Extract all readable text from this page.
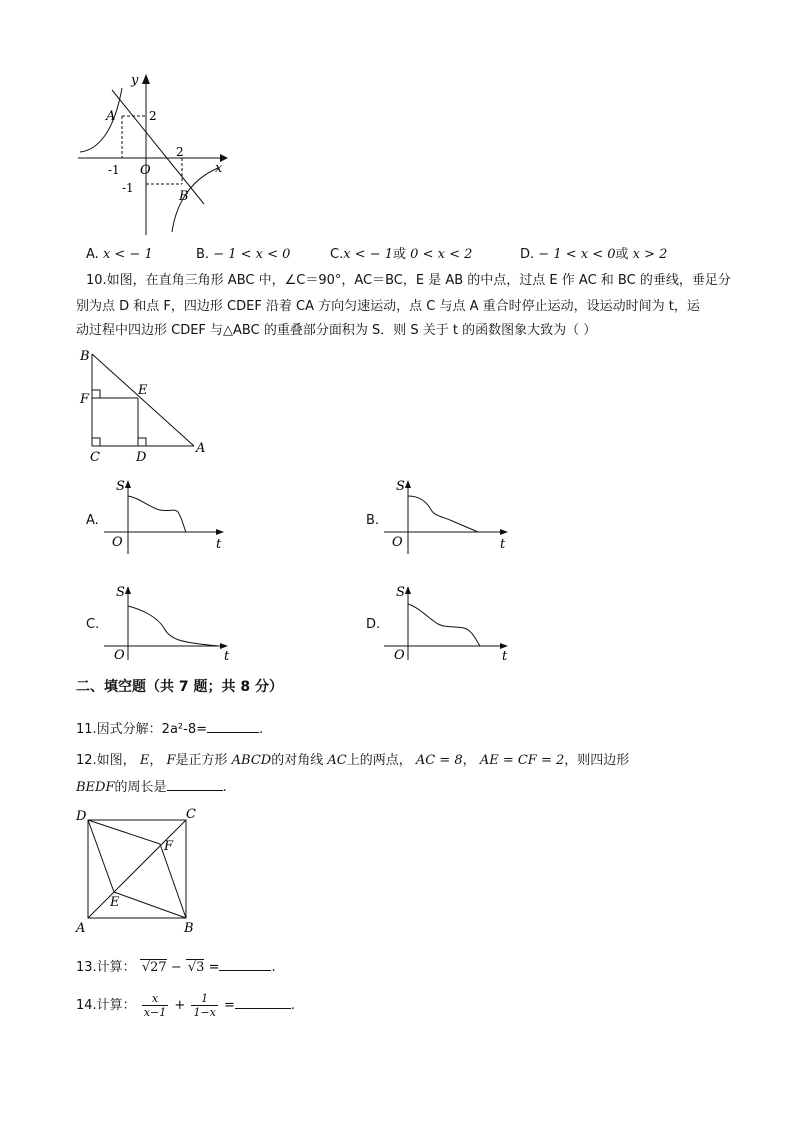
y
x
A
B
O
2
2
-1
-1
A. x < − 1	B. − 1 < x < 0	C.x < − 1或 0 < x < 2	D. − 1 < x < 0或 x > 2
10.如图，在直角三角形 ABC 中，∠C＝90°，AC＝BC，E 是 AB 的中点，过点 E 作 AC 和 BC 的垂线，垂足分
别为点 D 和点 F，四边形 CDEF 沿着 CA 方向匀速运动，点 C 与点 A 重合时停止运动，设运动时间为 t，运
动过程中四边形 CDEF 与△ABC 的重叠部分面积为 S．则 S 关于 t 的函数图象大致为（ ）
B
E
F
C	D
A
A.
S
O	t
B.
S
O	t
C.
S
O	t
D.
S
O	t
二、填空题（共 7 题；共 8 分）
11.因式分解：2a²-8=	.
12.如图， E， F是正方形 ABCD的对角线 AC上的两点， AC = 8， AE = CF = 2，则四边形
BEDF的周长是	.
D	C
F
E
A	B
13.计算： √27 − √3 =	.
14.计算： $\frac{x}{x-1} + \frac{1}{1-x}$ =	.
